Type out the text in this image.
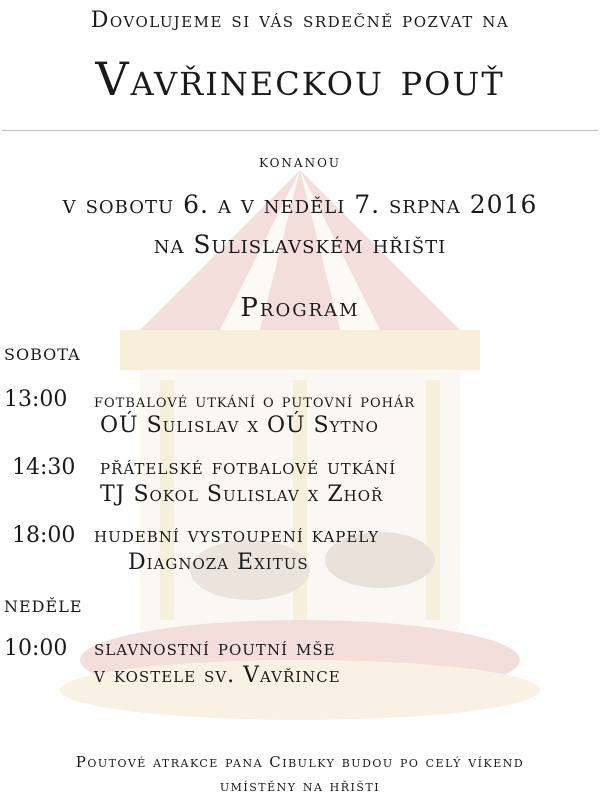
Dovolujeme si vás srdečně pozvat na
Vavřineckou pouť
konanou
v sobotu 6. a v neděli 7. srpna 2016
na Sulislavském hřišti
Program
sobota
13:00 fotbalové utkání o putovní pohár
OÚ Sulislav x OÚ Sytno
14:30 přátelské fotbalové utkání
TJ Sokol Sulislav x Zhoř
18:00 hudební vystoupení kapely
Diagnoza Exitus
neděle
10:00 slavnostní poutní mše
v kostele sv. Vavřince
Poutové atrakce pana Cibulky budou po celý víkend
umístěny na hřišti
